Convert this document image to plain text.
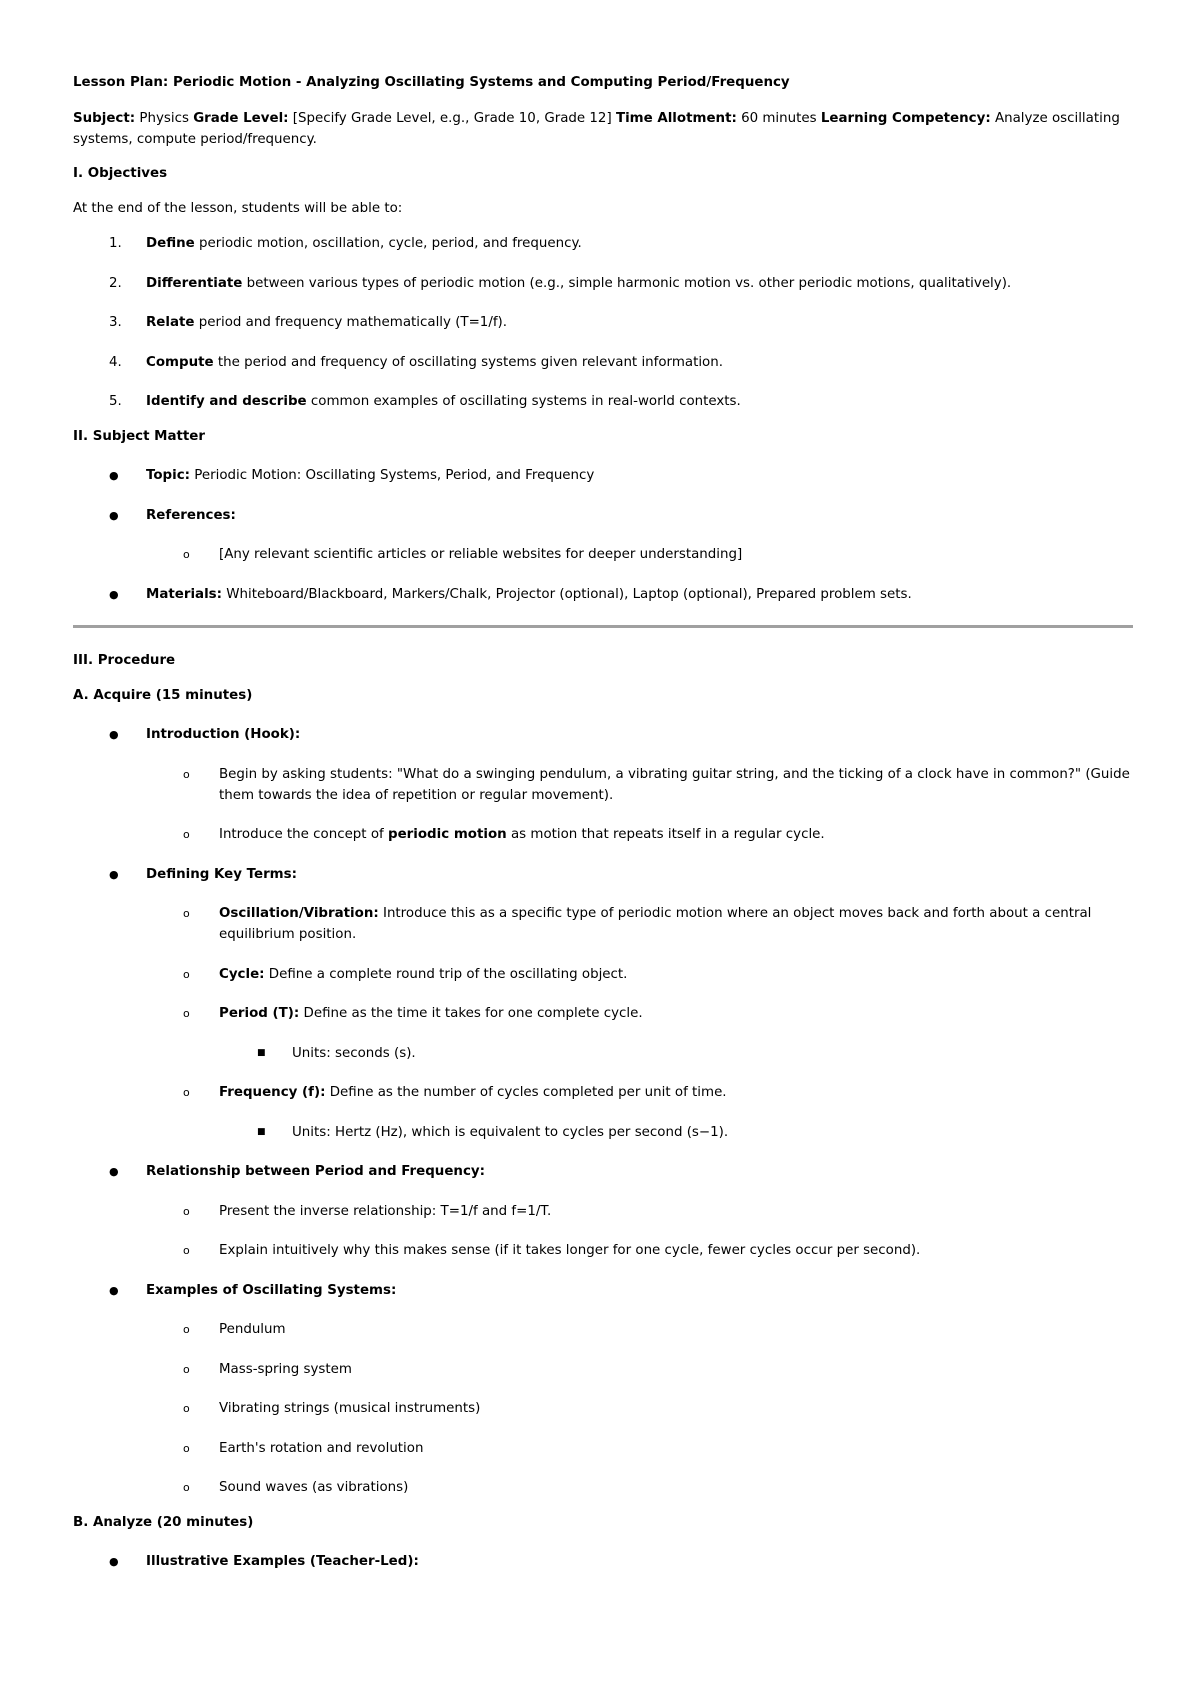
Lesson Plan: Periodic Motion - Analyzing Oscillating Systems and Computing Period/Frequency

Subject: Physics Grade Level: [Specify Grade Level, e.g., Grade 10, Grade 12] Time Allotment: 60 minutes Learning Competency: Analyze oscillating systems, compute period/frequency.

I. Objectives

At the end of the lesson, students will be able to:

1. Define periodic motion, oscillation, cycle, period, and frequency.
2. Differentiate between various types of periodic motion (e.g., simple harmonic motion vs. other periodic motions, qualitatively).
3. Relate period and frequency mathematically (T=1/f).
4. Compute the period and frequency of oscillating systems given relevant information.
5. Identify and describe common examples of oscillating systems in real-world contexts.

II. Subject Matter

● Topic: Periodic Motion: Oscillating Systems, Period, and Frequency
● References:
o [Any relevant scientific articles or reliable websites for deeper understanding]
● Materials: Whiteboard/Blackboard, Markers/Chalk, Projector (optional), Laptop (optional), Prepared problem sets.

III. Procedure

A. Acquire (15 minutes)

● Introduction (Hook):
o Begin by asking students: "What do a swinging pendulum, a vibrating guitar string, and the ticking of a clock have in common?" (Guide them towards the idea of repetition or regular movement).
o Introduce the concept of periodic motion as motion that repeats itself in a regular cycle.
● Defining Key Terms:
o Oscillation/Vibration: Introduce this as a specific type of periodic motion where an object moves back and forth about a central equilibrium position.
o Cycle: Define a complete round trip of the oscillating object.
o Period (T): Define as the time it takes for one complete cycle.
■ Units: seconds (s).
o Frequency (f): Define as the number of cycles completed per unit of time.
■ Units: Hertz (Hz), which is equivalent to cycles per second (s−1).
● Relationship between Period and Frequency:
o Present the inverse relationship: T=1/f and f=1/T.
o Explain intuitively why this makes sense (if it takes longer for one cycle, fewer cycles occur per second).
● Examples of Oscillating Systems:
o Pendulum
o Mass-spring system
o Vibrating strings (musical instruments)
o Earth's rotation and revolution
o Sound waves (as vibrations)

B. Analyze (20 minutes)

● Illustrative Examples (Teacher-Led):
